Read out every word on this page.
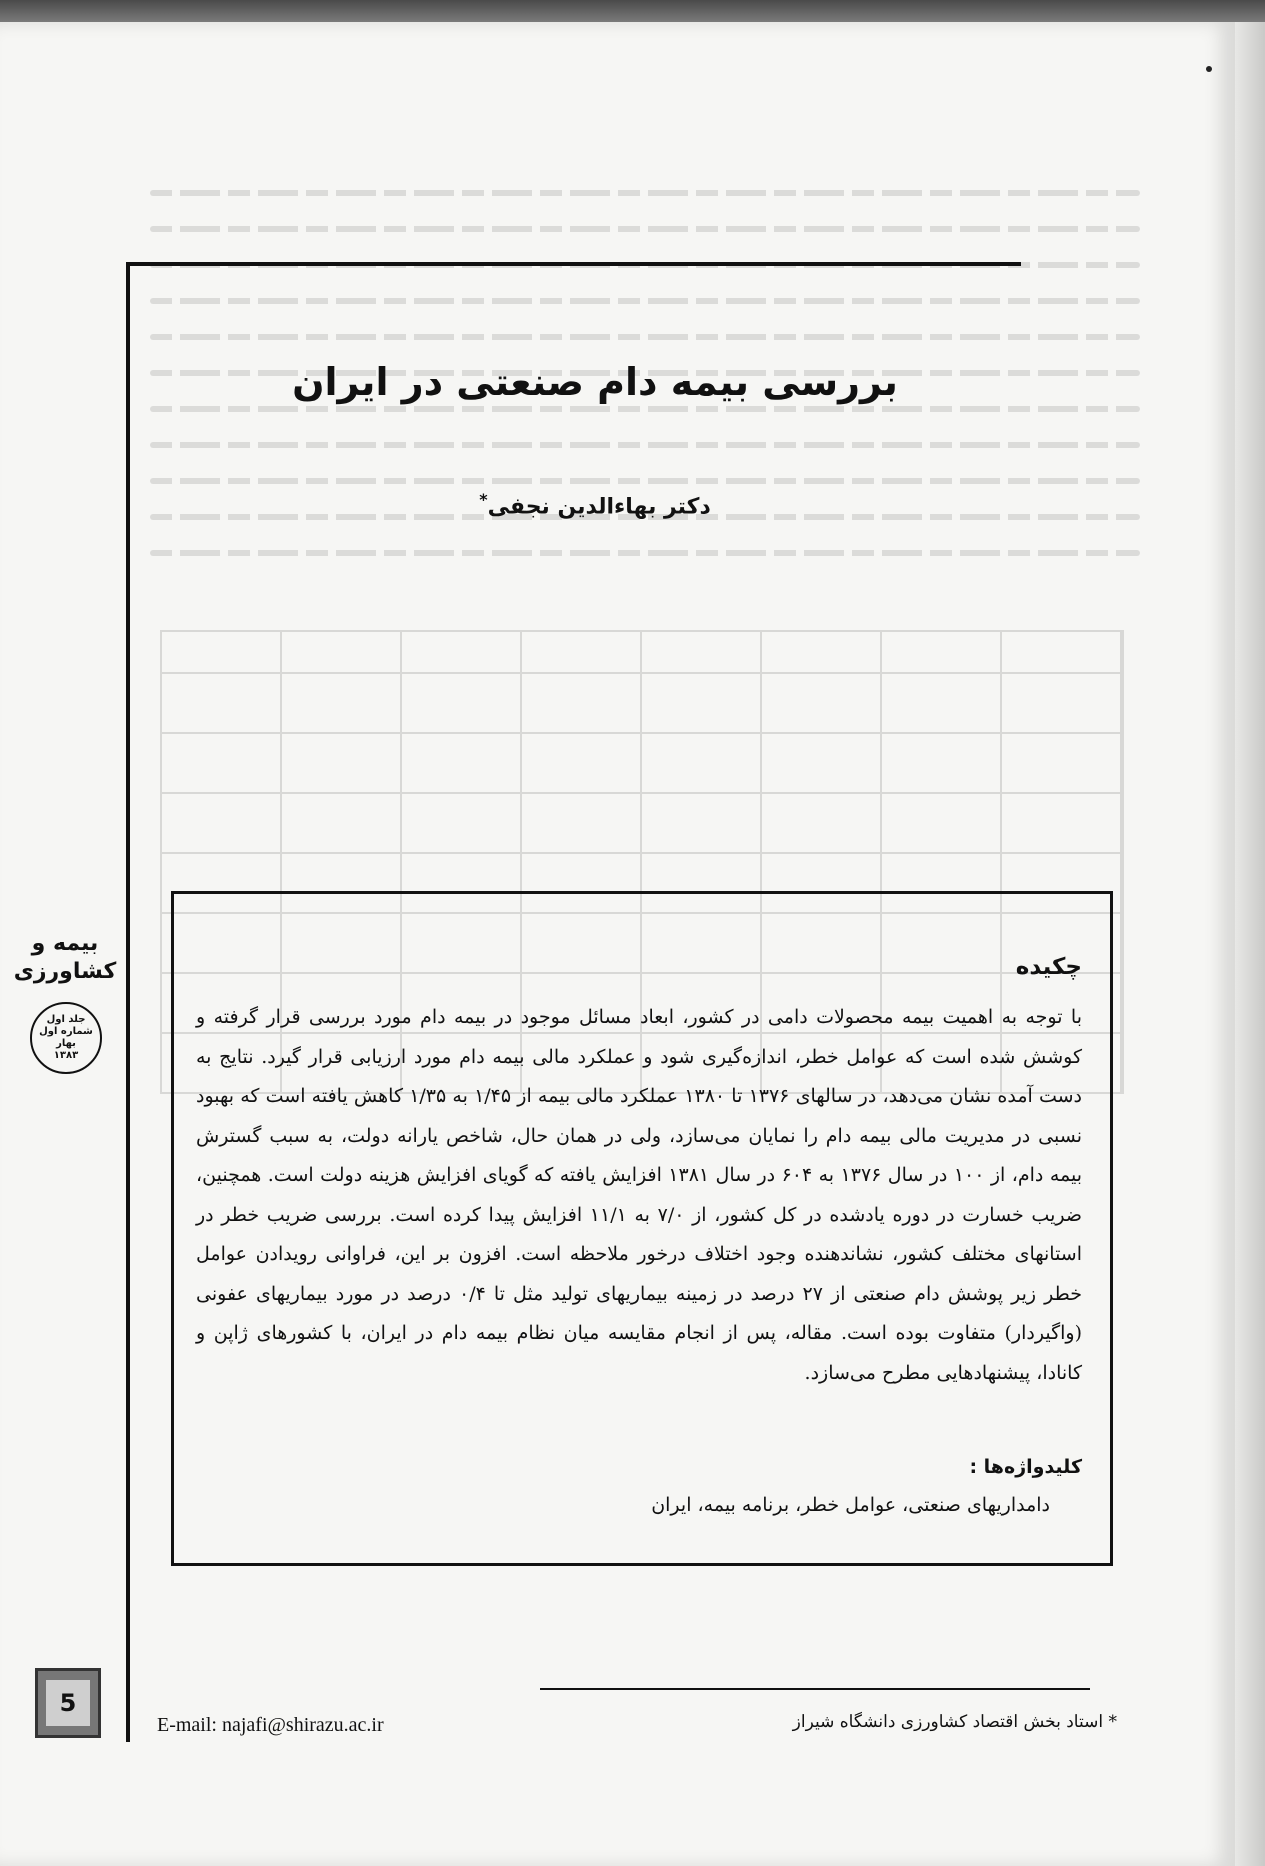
بررسی بیمه دام صنعتی در ایران
دکتر بهاءالدین نجفی*
چکیده

با توجه به اهمیت بیمه محصولات دامی در کشور، ابعاد مسائل موجود در بیمه دام مورد بررسی قرار گرفته و کوشش شده است که عوامل خطر، اندازه‌گیری شود و عملکرد مالی بیمه دام مورد ارزیابی قرار گیرد. نتایج به دست آمده نشان می‌دهد، در سالهای ۱۳۷۶ تا ۱۳۸۰ عملکرد مالی بیمه از ۱/۴۵ به ۱/۳۵ کاهش یافته است که بهبود نسبی در مدیریت مالی بیمه دام را نمایان می‌سازد، ولی در همان حال، شاخص یارانه دولت، به سبب گسترش بیمه دام، از ۱۰۰ در سال ۱۳۷۶ به ۶۰۴ در سال ۱۳۸۱ افزایش یافته که گویای افزایش هزینه دولت است. همچنین، ضریب خسارت در دوره یادشده در کل کشور، از ۷/۰ به ۱۱/۱ افزایش پیدا کرده است. بررسی ضریب خطر در استانهای مختلف کشور، نشاندهنده وجود اختلاف درخور ملاحظه است. افزون بر این، فراوانی رویدادن عوامل خطر زیر پوشش دام صنعتی از ۲۷ درصد در زمینه بیماریهای تولید مثل تا ۰/۴ درصد در مورد بیماریهای عفونی (واگیردار) متفاوت بوده است. مقاله، پس از انجام مقایسه میان نظام بیمه دام در ایران، با کشورهای ژاپن و کانادا، پیشنهادهایی مطرح می‌سازد.

کلیدواژه‌ها :
دامداریهای صنعتی، عوامل خطر، برنامه بیمه، ایران
بیمه و
کشاورزی
جلد اول
شماره اول
بهار
۱۳۸۳
5
E-mail: najafi@shirazu.ac.ir	* استاد بخش اقتصاد کشاورزی دانشگاه شیراز
